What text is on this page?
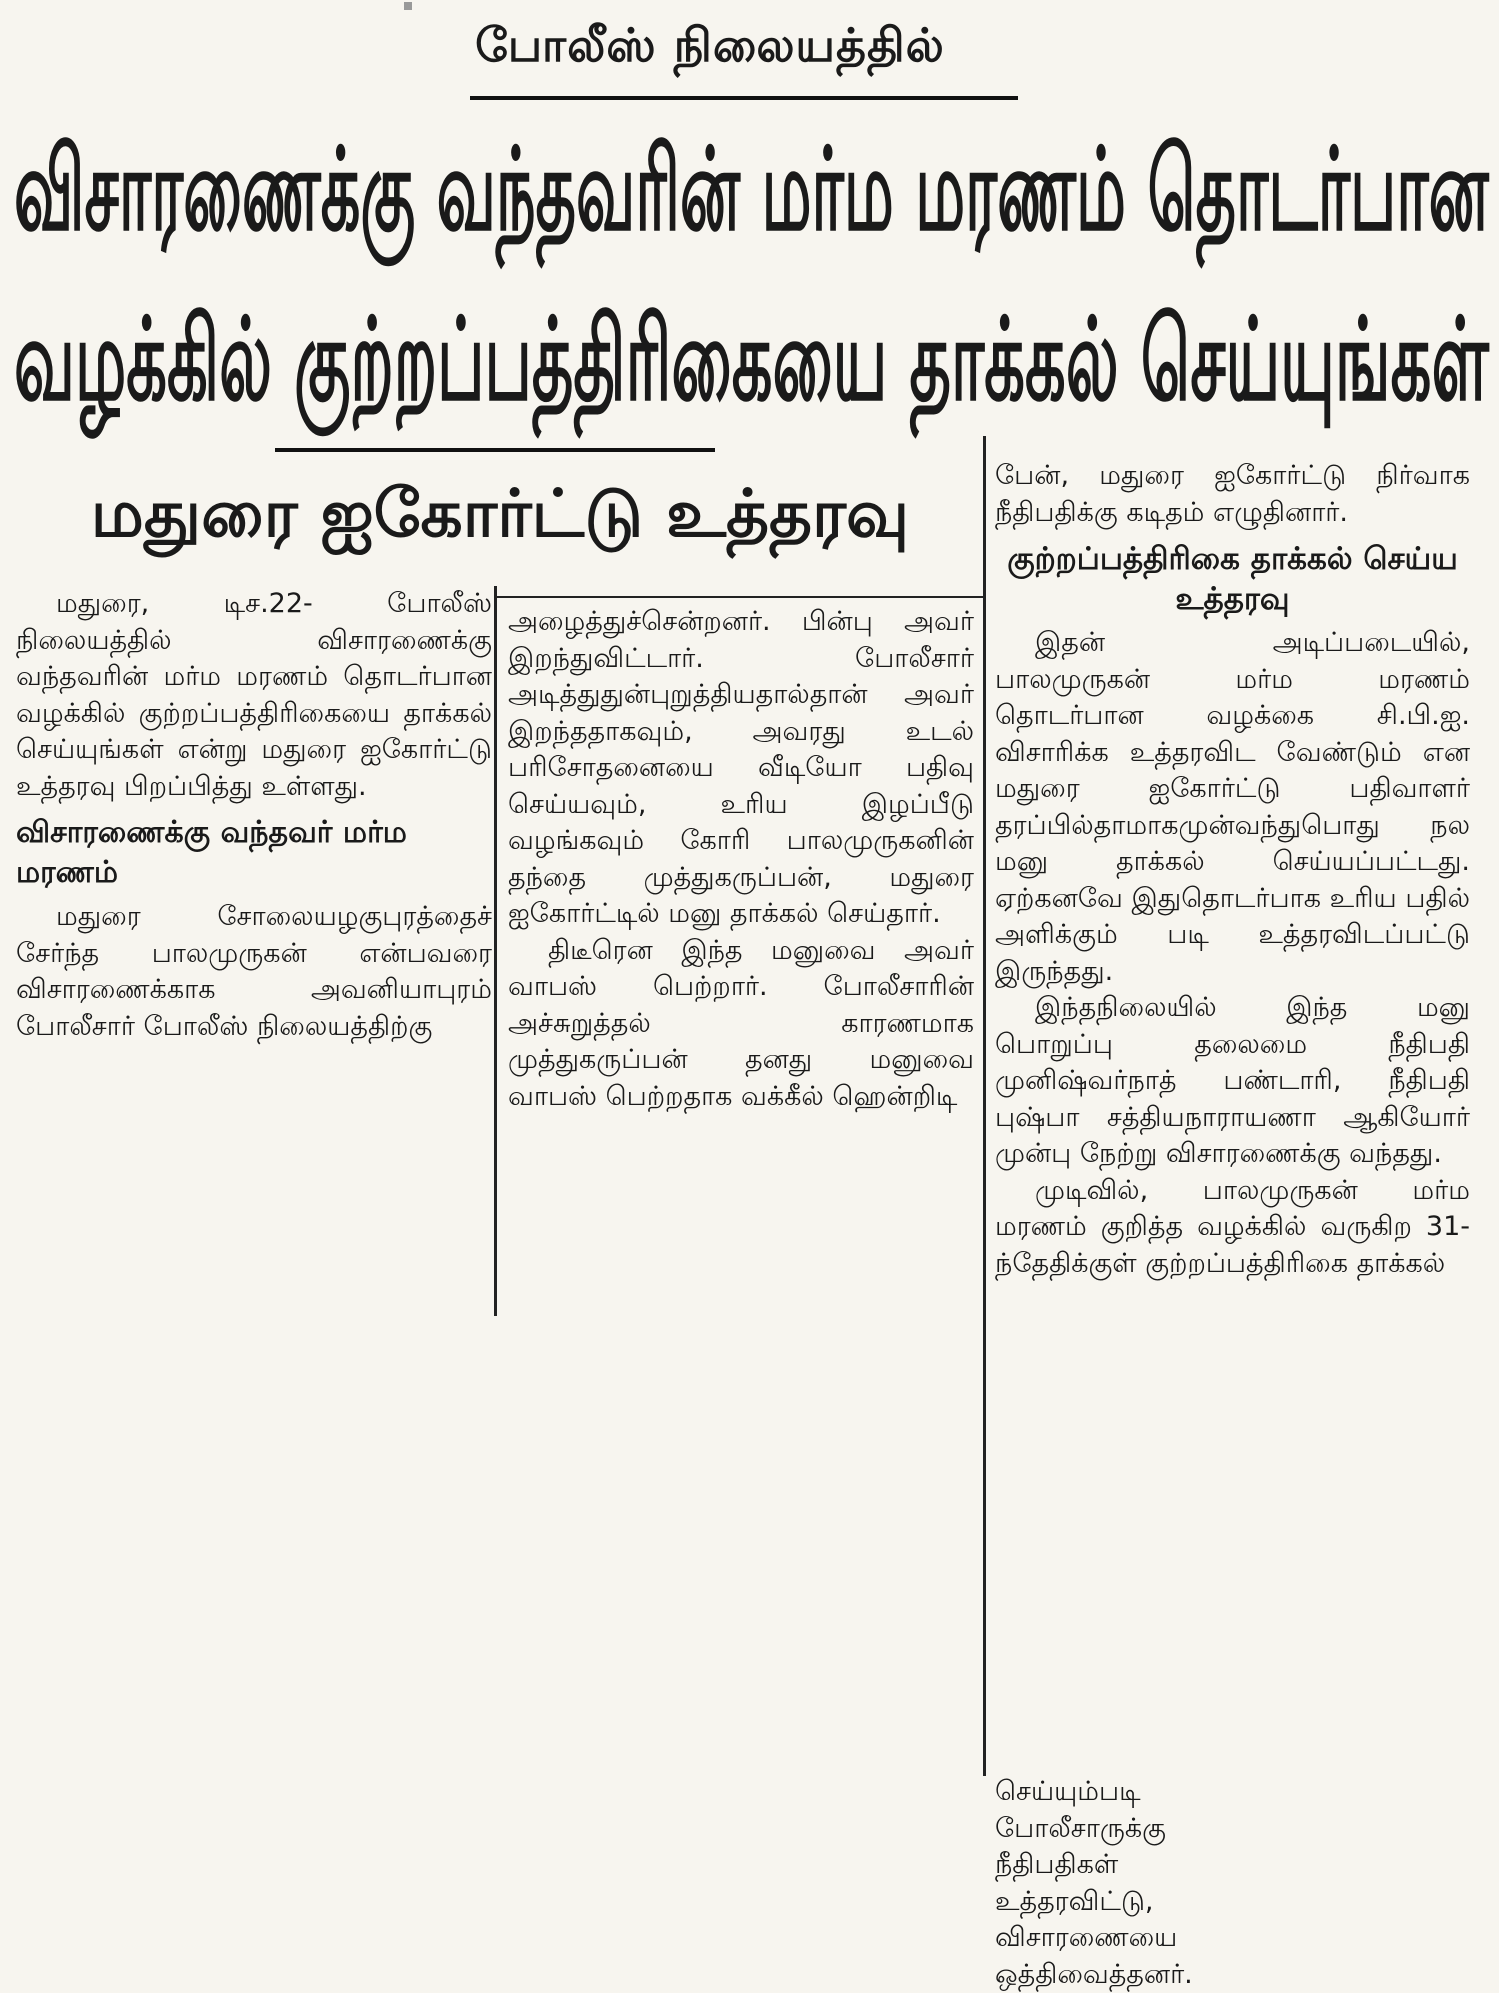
போலீஸ் நிலையத்தில்
விசாரணைக்கு வந்தவரின் மர்ம மரணம் தொடர்பான
வழக்கில் குற்றப்பத்திரிகையை தாக்கல் செய்யுங்கள்
மதுரை ஐகோர்ட்டு உத்தரவு

மதுரை, டிச.22- போலீஸ் நிலையத்தில் விசாரணைக்கு வந்தவரின் மர்ம மரணம் தொடர்பான வழக்கில் குற்றப்பத்திரிகையை தாக்கல் செய்யுங்கள் என்று மதுரை ஐகோர்ட்டு உத்தரவு பிறப்பித்து உள்ளது.

விசாரணைக்கு வந்தவர் மர்ம மரணம்

மதுரை சோலையழகுபுரத்தைச் சேர்ந்த பாலமுருகன் என்பவரை விசாரணைக்காக அவனியாபுரம் போலீசார் போலீஸ் நிலையத்திற்கு

அழைத்துச்சென்றனர். பின்பு அவர் இறந்துவிட்டார். போலீசார் அடித்துதுன்புறுத்தியதால்தான் அவர் இறந்ததாகவும், அவரது உடல் பரிசோதனையை வீடியோ பதிவு செய்யவும், உரிய இழப்பீடு வழங்கவும் கோரி பாலமுருகனின் தந்தை முத்துகருப்பன், மதுரை ஐகோர்ட்டில் மனு தாக்கல் செய்தார்.

திடீரென இந்த மனுவை அவர் வாபஸ் பெற்றார். போலீசாரின் அச்சுறுத்தல் காரணமாக முத்துகருப்பன் தனது மனுவை வாபஸ் பெற்றதாக வக்கீல் ஹென்றிடி

பேன், மதுரை ஐகோர்ட்டு நிர்வாக நீதிபதிக்கு கடிதம் எழுதினார்.

குற்றப்பத்திரிகை தாக்கல் செய்ய உத்தரவு

இதன் அடிப்படையில், பாலமுருகன் மர்ம மரணம் தொடர்பான வழக்கை சி.பி.ஐ. விசாரிக்க உத்தரவிட வேண்டும் என மதுரை ஐகோர்ட்டு பதிவாளர் தரப்பில்தாமாகமுன்வந்துபொது நல மனு தாக்கல் செய்யப்பட்டது. ஏற்கனவே இதுதொடர்பாக உரிய பதில் அளிக்கும் படி உத்தரவிடப்பட்டு இருந்தது.

இந்தநிலையில் இந்த மனு பொறுப்பு தலைமை நீதிபதி முனிஷ்வர்நாத் பண்டாரி, நீதிபதி புஷ்பா சத்தியநாராயணா ஆகியோர் முன்பு நேற்று விசாரணைக்கு வந்தது.

முடிவில், பாலமுருகன் மர்ம மரணம் குறித்த வழக்கில் வருகிற 31-ந்தேதிக்குள் குற்றப்பத்திரிகை தாக்கல்

செய்யும்படி போலீசாருக்கு நீதிபதிகள் உத்தரவிட்டு, விசாரணையை ஒத்திவைத்தனர்.
